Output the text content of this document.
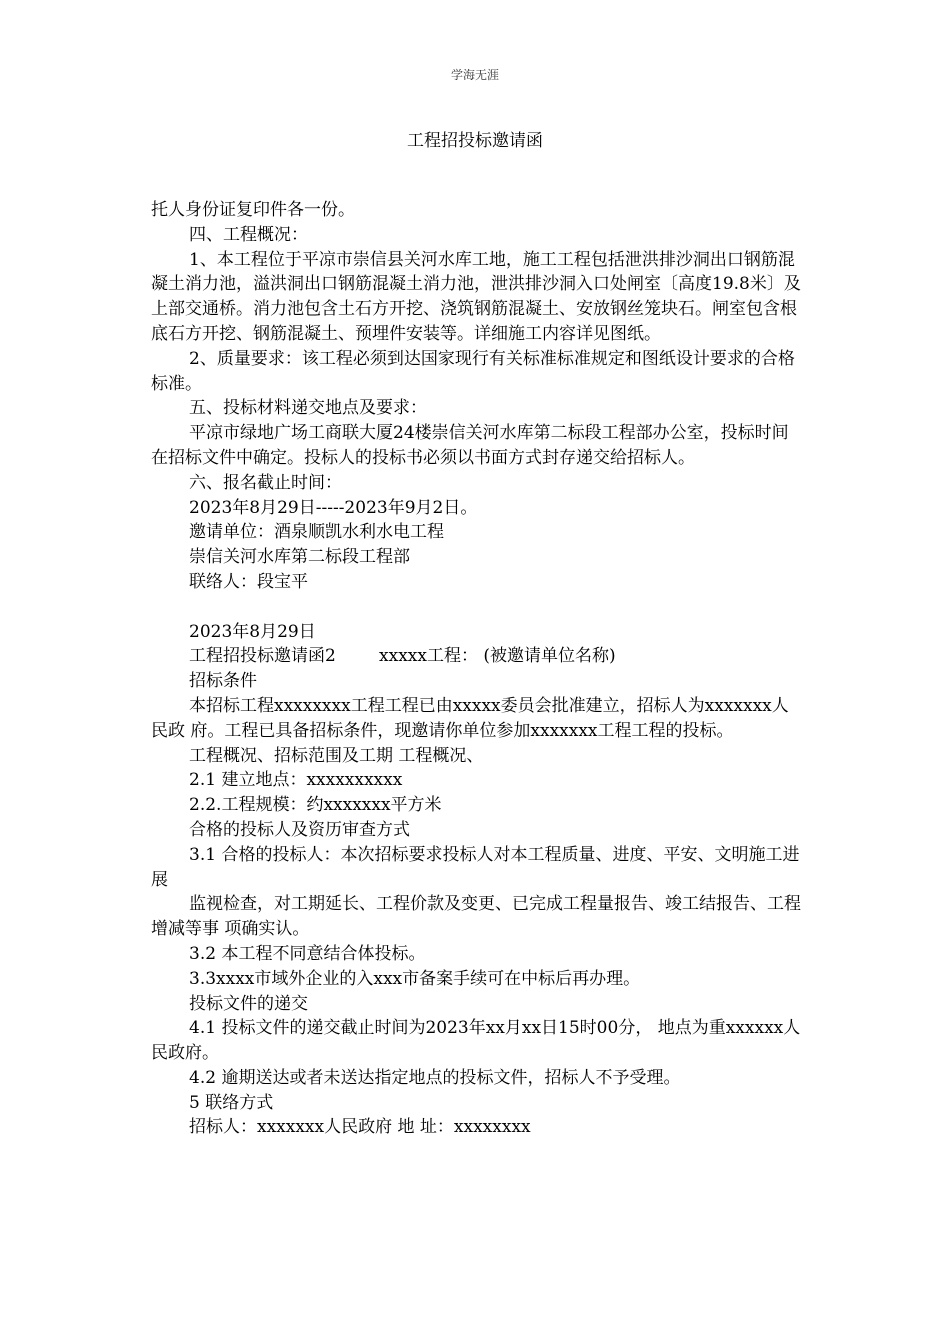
学海无涯
工程招投标邀请函

托人身份证复印件各一份。

四、工程概况：

1、本工程位于平凉市崇信县关河水库工地，施工工程包括泄洪排沙洞出口钢筋混凝土消力池，溢洪洞出口钢筋混凝土消力池，泄洪排沙洞入口处闸室〔高度19.8米〕及上部交通桥。消力池包含土石方开挖、浇筑钢筋混凝土、安放钢丝笼块石。闸室包含根底石方开挖、钢筋混凝土、预埋件安装等。详细施工内容详见图纸。

2、质量要求：该工程必须到达国家现行有关标准标准规定和图纸设计要求的合格标准。

五、投标材料递交地点及要求：

平凉市绿地广场工商联大厦24楼崇信关河水库第二标段工程部办公室，投标时间在招标文件中确定。投标人的投标书必须以书面方式封存递交给招标人。

六、报名截止时间：

2023年8月29日-----2023年9月2日。

邀请单位：酒泉顺凯水利水电工程

崇信关河水库第二标段工程部

联络人：段宝平

2023年8月29日

工程招投标邀请函2        xxxxx工程： (被邀请单位名称)

招标条件

本招标工程xxxxxxxx工程工程已由xxxxx委员会批准建立，招标人为xxxxxxx人民政 府。工程已具备招标条件，现邀请你单位参加xxxxxxx工程工程的投标。

工程概况、招标范围及工期 工程概况、

2.1 建立地点：xxxxxxxxxx

2.2.工程规模：约xxxxxxx平方米

合格的投标人及资历审查方式

3.1 合格的投标人：本次招标要求投标人对本工程质量、进度、平安、文明施工进展

监视检查，对工期延长、工程价款及变更、已完成工程量报告、竣工结报告、工程增减等事 项确实认。

3.2 本工程不同意结合体投标。

3.3xxxx市域外企业的入xxx市备案手续可在中标后再办理。

投标文件的递交

4.1 投标文件的递交截止时间为2023年xx月xx日15时00分， 地点为重xxxxxx人民政府。

4.2 逾期送达或者未送达指定地点的投标文件，招标人不予受理。

5 联络方式

招标人：xxxxxxx人民政府 地 址：xxxxxxxx
